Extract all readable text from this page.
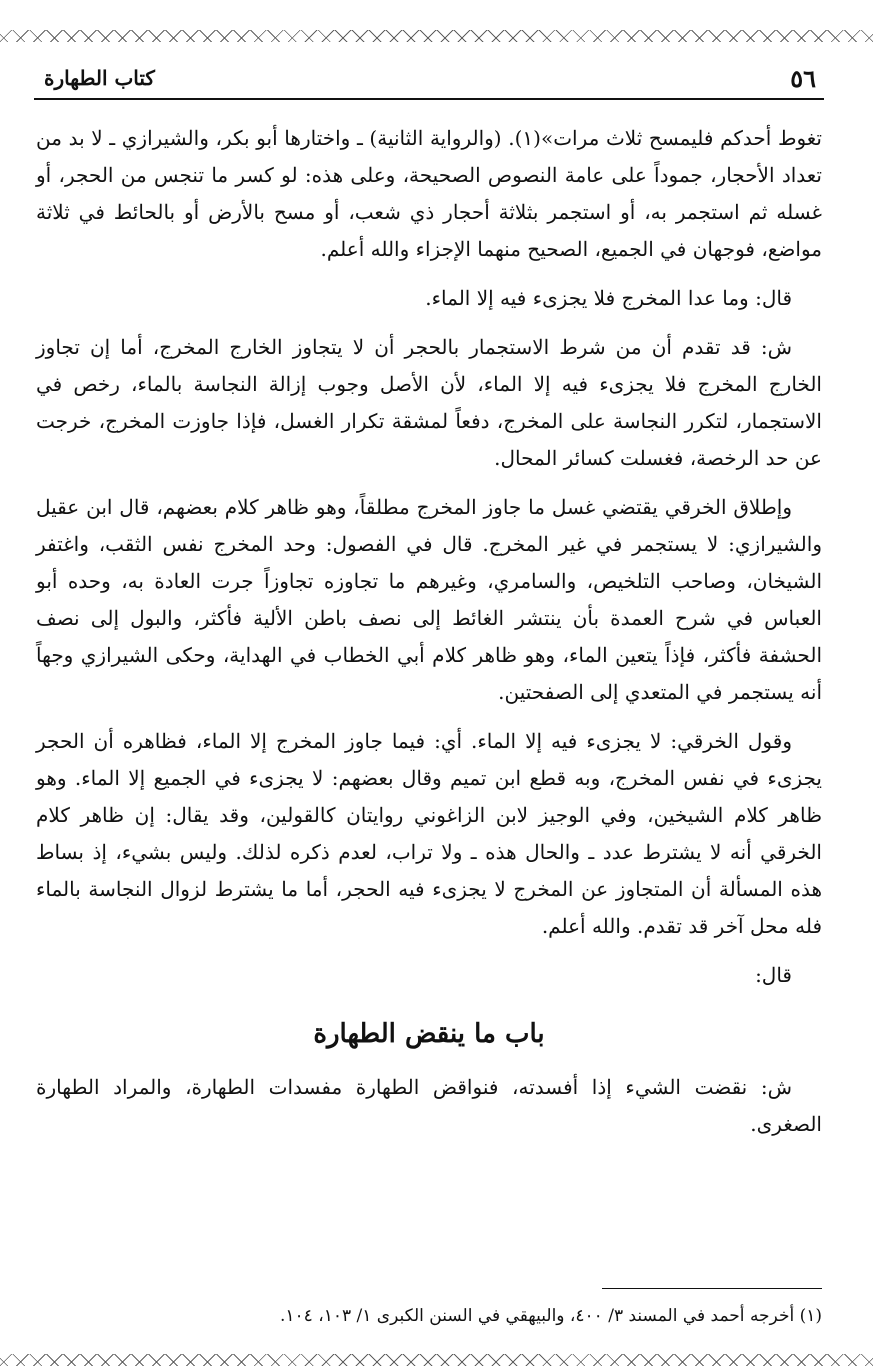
٥٦
كتاب الطهارة

تغوط أحدكم فليمسح ثلاث مرات»(١). (والرواية الثانية) ـ واختارها أبو بكر، والشيرازي ـ لا بد من تعداد الأحجار، جموداً على عامة النصوص الصحيحة، وعلى هذه: لو كسر ما تنجس من الحجر، أو غسله ثم استجمر به، أو استجمر بثلاثة أحجار ذي شعب، أو مسح بالأرض أو بالحائط في ثلاثة مواضع، فوجهان في الجميع، الصحيح منهما الإجزاء والله أعلم.

قال: وما عدا المخرج فلا يجزىء فيه إلا الماء.

ش: قد تقدم أن من شرط الاستجمار بالحجر أن لا يتجاوز الخارج المخرج، أما إن تجاوز الخارج المخرج فلا يجزىء فيه إلا الماء، لأن الأصل وجوب إزالة النجاسة بالماء، رخص في الاستجمار، لتكرر النجاسة على المخرج، دفعاً لمشقة تكرار الغسل، فإذا جاوزت المخرج، خرجت عن حد الرخصة، فغسلت كسائر المحال.

وإطلاق الخرقي يقتضي غسل ما جاوز المخرج مطلقاً، وهو ظاهر كلام بعضهم، قال ابن عقيل والشيرازي: لا يستجمر في غير المخرج. قال في الفصول: وحد المخرج نفس الثقب، واغتفر الشيخان، وصاحب التلخيص، والسامري، وغيرهم ما تجاوزه تجاوزاً جرت العادة به، وحده أبو العباس في شرح العمدة بأن ينتشر الغائط إلى نصف باطن الألية فأكثر، والبول إلى نصف الحشفة فأكثر، فإذاً يتعين الماء، وهو ظاهر كلام أبي الخطاب في الهداية، وحكى الشيرازي وجهاً أنه يستجمر في المتعدي إلى الصفحتين.

وقول الخرقي: لا يجزىء فيه إلا الماء. أي: فيما جاوز المخرج إلا الماء، فظاهره أن الحجر يجزىء في نفس المخرج، وبه قطع ابن تميم وقال بعضهم: لا يجزىء في الجميع إلا الماء. وهو ظاهر كلام الشيخين، وفي الوجيز لابن الزاغوني روايتان كالقولين، وقد يقال: إن ظاهر كلام الخرقي أنه لا يشترط عدد ـ والحال هذه ـ ولا تراب، لعدم ذكره لذلك. وليس بشيء، إذ بساط هذه المسألة أن المتجاوز عن المخرج لا يجزىء فيه الحجر، أما ما يشترط لزوال النجاسة بالماء فله محل آخر قد تقدم. والله أعلم.

قال:

باب ما ينقض الطهارة

ش: نقضت الشيء إذا أفسدته، فنواقض الطهارة مفسدات الطهارة، والمراد الطهارة الصغرى.

(١) أخرجه أحمد في المسند ٣/ ٤٠٠، والبيهقي في السنن الكبرى ١/ ١٠٣، ١٠٤.
